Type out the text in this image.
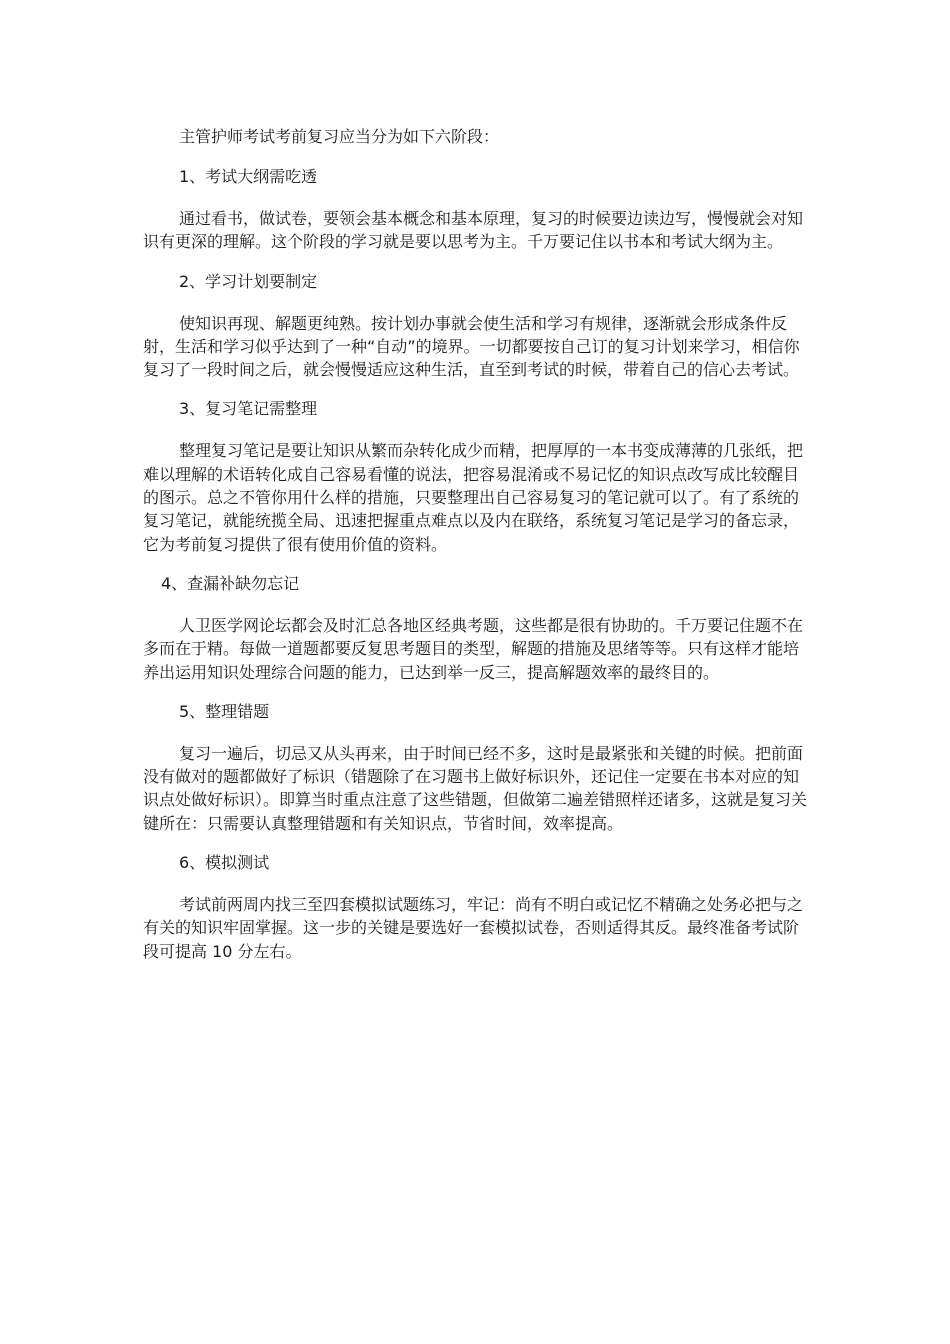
主管护师考试考前复习应当分为如下六阶段：

1、考试大纲需吃透

通过看书，做试卷，要领会基本概念和基本原理，复习的时候要边读边写，慢慢就会对知识有更深的理解。这个阶段的学习就是要以思考为主。千万要记住以书本和考试大纲为主。

2、学习计划要制定

使知识再现、解题更纯熟。按计划办事就会使生活和学习有规律，逐渐就会形成条件反射，生活和学习似乎达到了一种“自动”的境界。一切都要按自己订的复习计划来学习，相信你复习了一段时间之后，就会慢慢适应这种生活，直至到考试的时候，带着自己的信心去考试。

3、复习笔记需整理

整理复习笔记是要让知识从繁而杂转化成少而精，把厚厚的一本书变成薄薄的几张纸，把难以理解的术语转化成自己容易看懂的说法，把容易混淆或不易记忆的知识点改写成比较醒目的图示。总之不管你用什么样的措施，只要整理出自己容易复习的笔记就可以了。有了系统的复习笔记，就能统揽全局、迅速把握重点难点以及内在联络，系统复习笔记是学习的备忘录，它为考前复习提供了很有使用价值的资料。

4、查漏补缺勿忘记

人卫医学网论坛都会及时汇总各地区经典考题，这些都是很有协助的。千万要记住题不在多而在于精。每做一道题都要反复思考题目的类型，解题的措施及思绪等等。只有这样才能培养出运用知识处理综合问题的能力，已达到举一反三，提高解题效率的最终目的。

5、整理错题

复习一遍后，切忌又从头再来，由于时间已经不多，这时是最紧张和关键的时候。把前面没有做对的题都做好了标识（错题除了在习题书上做好标识外，还记住一定要在书本对应的知识点处做好标识）。即算当时重点注意了这些错题，但做第二遍差错照样还诸多，这就是复习关键所在：只需要认真整理错题和有关知识点，节省时间，效率提高。

6、模拟测试

考试前两周内找三至四套模拟试题练习，牢记：尚有不明白或记忆不精确之处务必把与之有关的知识牢固掌握。这一步的关键是要选好一套模拟试卷，否则适得其反。最终准备考试阶段可提高 10 分左右。
